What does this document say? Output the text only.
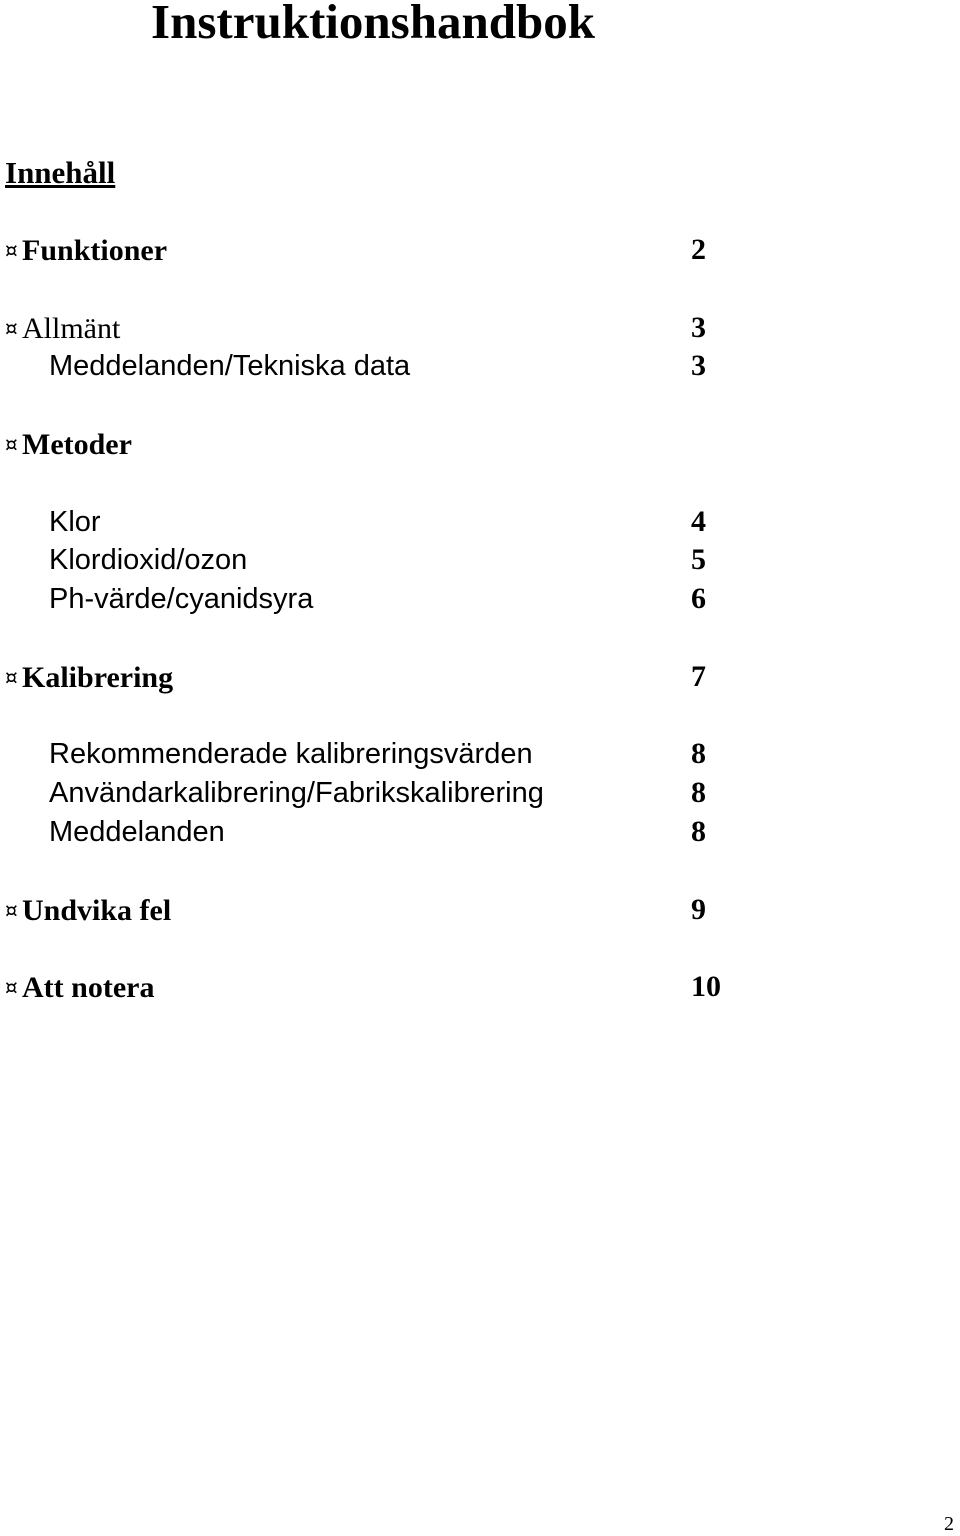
Instruktionshandbok
Innehåll
¤ Funktioner	2
¤ Allmänt	3
Meddelanden/Tekniska data	3
¤ Metoder
Klor	4
Klordioxid/ozon	5
Ph-värde/cyanidsyra	6
¤ Kalibrering	7
Rekommenderade kalibreringsvärden	8
Användarkalibrering/Fabrikskalibrering	8
Meddelanden	8
¤ Undvika fel	9
¤ Att notera	10
2
